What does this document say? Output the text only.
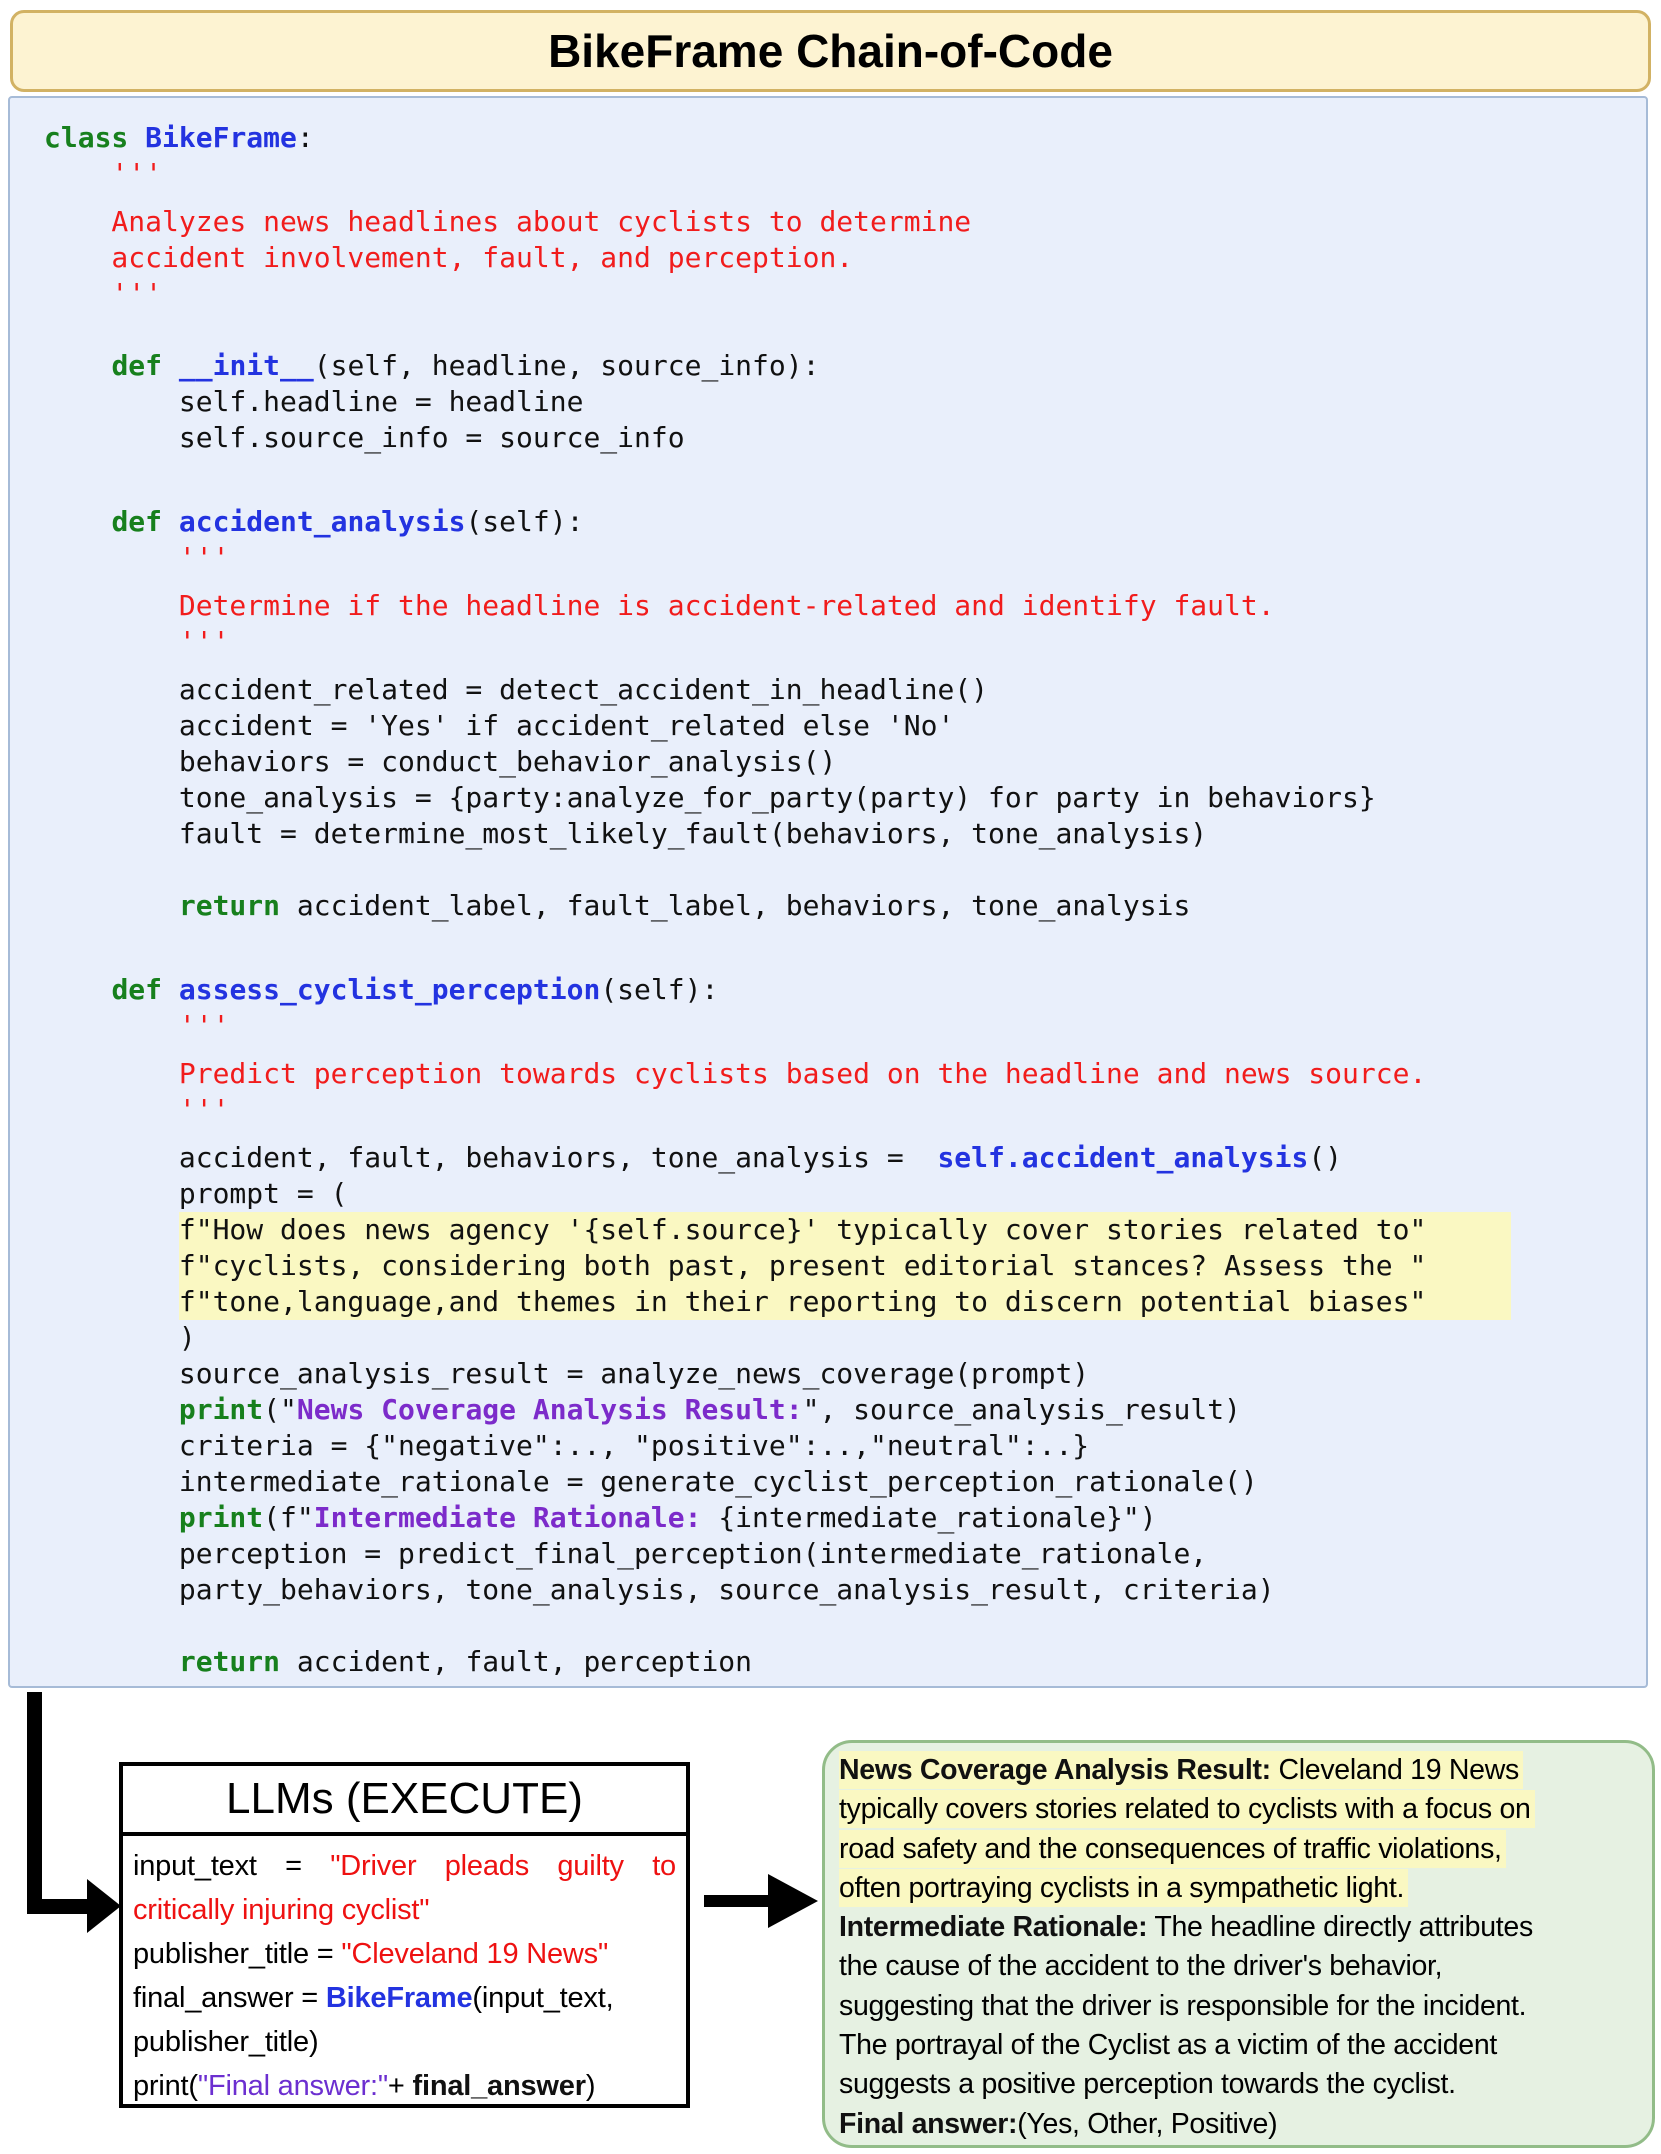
BikeFrame Chain-of-Code
class BikeFrame:
'''
Analyzes news headlines about cyclists to determine
accident involvement, fault, and perception.
'''

def __init__(self, headline, source_info):
self.headline = headline
self.source_info = source_info

def accident_analysis(self):
'''
Determine if the headline is accident-related and identify fault.
'''
accident_related = detect_accident_in_headline()
accident = 'Yes' if accident_related else 'No'
behaviors = conduct_behavior_analysis()
tone_analysis = {party:analyze_for_party(party) for party in behaviors}
fault = determine_most_likely_fault(behaviors, tone_analysis)

return accident_label, fault_label, behaviors, tone_analysis

def assess_cyclist_perception(self):
'''
Predict perception towards cyclists based on the headline and news source.
'''
accident, fault, behaviors, tone_analysis =  self.accident_analysis()
prompt = (
f"How does news agency '{self.source}' typically cover stories related to"
f"cyclists, considering both past, present editorial stances? Assess the "
f"tone,language,and themes in their reporting to discern potential biases"
)
source_analysis_result = analyze_news_coverage(prompt)
print("News Coverage Analysis Result:", source_analysis_result)
criteria = {"negative":.., "positive":..,"neutral":..}
intermediate_rationale = generate_cyclist_perception_rationale()
print(f"Intermediate Rationale: {intermediate_rationale}")
perception = predict_final_perception(intermediate_rationale,
party_behaviors, tone_analysis, source_analysis_result, criteria)

return accident, fault, perception
LLMs (EXECUTE)
input_text = "Driver pleads guilty to
critically injuring cyclist"
publisher_title = "Cleveland 19 News"
final_answer = BikeFrame(input_text,
publisher_title)
print("Final answer:"+ final_answer)
News Coverage Analysis Result: Cleveland 19 News
typically covers stories related to cyclists with a focus on
road safety and the consequences of traffic violations,
often portraying cyclists in a sympathetic light.
Intermediate Rationale: The headline directly attributes
the cause of the accident to the driver's behavior,
suggesting that the driver is responsible for the incident.
The portrayal of the Cyclist as a victim of the accident
suggests a positive perception towards the cyclist.
Final answer:(Yes, Other, Positive)
